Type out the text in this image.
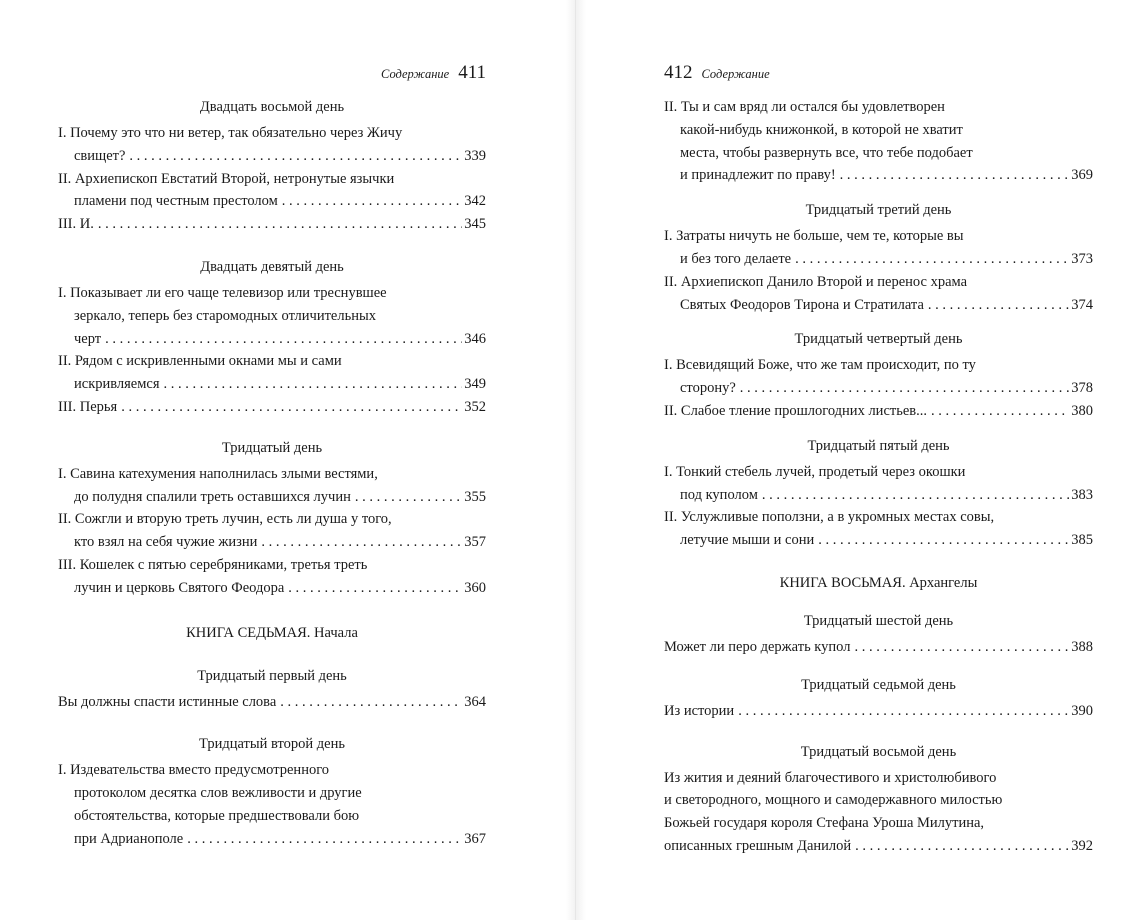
Содержание 411
Двадцать восьмой день
I. Почему это что ни ветер, так обязательно через Жичу
свищет? . . .	339
II. Архиепископ Евстатий Второй, нетронутые язычки
пламени под честным престолом . . .	342
III. И. . . .	345
Двадцать девятый день
I. Показывает ли его чаще телевизор или треснувшее
зеркало, теперь без старомодных отличительных
черт . . .	346
II. Рядом с искривленными окнами мы и сами
искривляемся . . .	349
III. Перья . . .	352
Тридцатый день
I. Савина катехумения наполнилась злыми вестями,
до полудня спалили треть оставшихся лучин . . .	355
II. Сожгли и вторую треть лучин, есть ли душа у того,
кто взял на себя чужие жизни . . .	357
III. Кошелек с пятью серебряниками, третья треть
лучин и церковь Святого Феодора . . .	360
КНИГА СЕДЬМАЯ. Начала
Тридцатый первый день
Вы должны спасти истинные слова . . .	364
Тридцатый второй день
I. Издевательства вместо предусмотренного
протоколом десятка слов вежливости и другие
обстоятельства, которые предшествовали бою
при Адрианополе . . .	367
412 Содержание
II. Ты и сам вряд ли остался бы удовлетворен
какой-нибудь книжонкой, в которой не хватит
места, чтобы развернуть все, что тебе подобает
и принадлежит по праву! . . .	369
Тридцатый третий день
I. Затраты ничуть не больше, чем те, которые вы
и без того делаете . . .	373
II. Архиепископ Данило Второй и перенос храма
Святых Феодоров Тирона и Стратилата . . .	374
Тридцатый четвертый день
I. Всевидящий Боже, что же там происходит, по ту
сторону? . . .	378
II. Слабое тление прошлогодних листьев... . . .	380
Тридцатый пятый день
I. Тонкий стебель лучей, продетый через окошки
под куполом . . .	383
II. Услужливые поползни, а в укромных местах совы,
летучие мыши и сони . . .	385
КНИГА ВОСЬМАЯ. Архангелы
Тридцатый шестой день
Может ли перо держать купол . . .	388
Тридцатый седьмой день
Из истории . . .	390
Тридцатый восьмой день
Из жития и деяний благочестивого и христолюбивого
и светородного, мощного и самодержавного милостью
Божьей государя короля Стефана Уроша Милутина,
описанных грешным Данилой . . .	392
